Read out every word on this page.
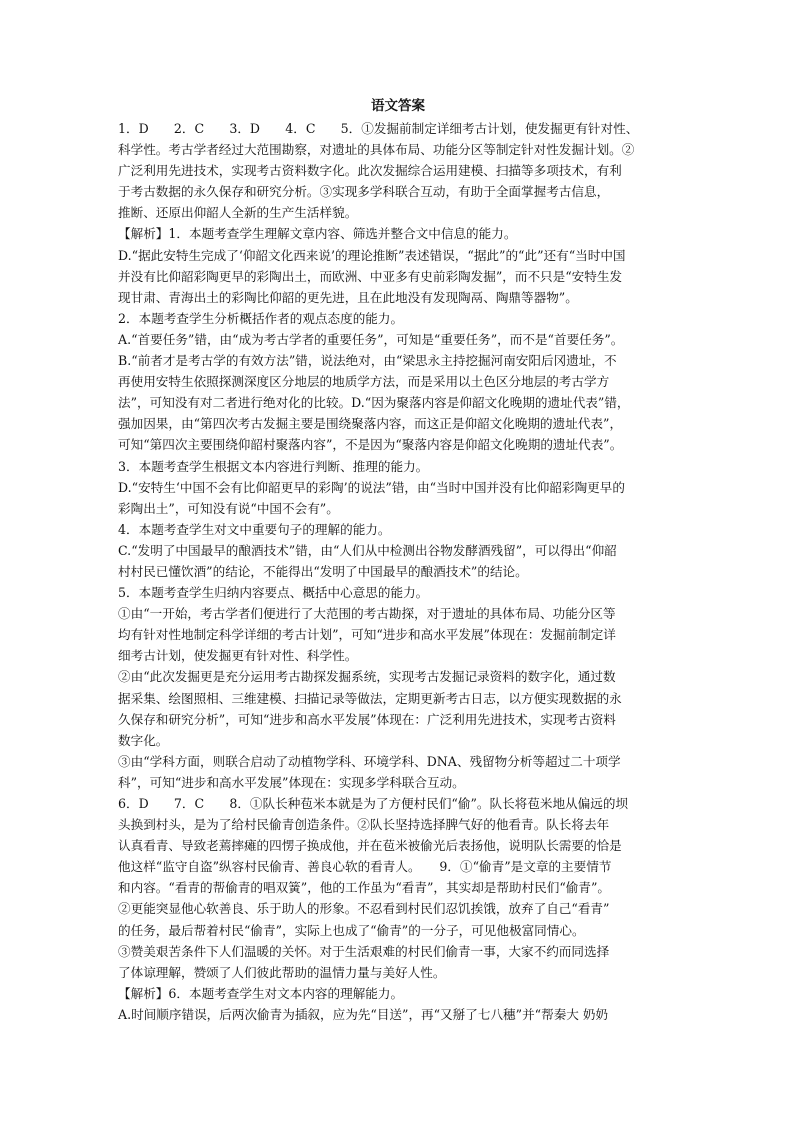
语文答案
1．D　　2．C　　3．D　　4．C　　5．①发掘前制定详细考古计划，使发掘更有针对性、
科学性。考古学者经过大范围勘察，对遗址的具体布局、功能分区等制定针对性发掘计划。②
广泛利用先进技术，实现考古资料数字化。此次发掘综合运用建模、扫描等多项技术，有利
于考古数据的永久保存和研究分析。③实现多学科联合互动，有助于全面掌握考古信息，
推断、还原出仰韶人全新的生产生活样貌。
【解析】1．本题考查学生理解文章内容、筛选并整合文中信息的能力。
D.“据此安特生完成了‘仰韶文化西来说’的理论推断”表述错误，“据此”的“此”还有“当时中国
并没有比仰韶彩陶更早的彩陶出土，而欧洲、中亚多有史前彩陶发掘”，而不只是“安特生发
现甘肃、青海出土的彩陶比仰韶的更先进，且在此地没有发现陶鬲、陶鼎等器物”。
2．本题考查学生分析概括作者的观点态度的能力。
A.“首要任务”错，由“成为考古学者的重要任务”，可知是“重要任务”，而不是“首要任务”。
B.“前者才是考古学的有效方法”错，说法绝对，由“梁思永主持挖掘河南安阳后冈遗址，不
再使用安特生依照探测深度区分地层的地质学方法，而是采用以土色区分地层的考古学方
法”，可知没有对二者进行绝对化的比较。D.“因为聚落内容是仰韶文化晚期的遗址代表”错，
强加因果，由“第四次考古发掘主要是围绕聚落内容，而这正是仰韶文化晚期的遗址代表”，
可知“第四次主要围绕仰韶村聚落内容”，不是因为“聚落内容是仰韶文化晚期的遗址代表”。
3．本题考查学生根据文本内容进行判断、推理的能力。
D.“安特生‘中国不会有比仰韶更早的彩陶’的说法”错，由“当时中国并没有比仰韶彩陶更早的
彩陶出土”，可知没有说“中国不会有”。
4．本题考查学生对文中重要句子的理解的能力。
C.“发明了中国最早的酿酒技术”错，由“人们从中检测出谷物发酵酒残留”，可以得出“仰韶
村村民已懂饮酒”的结论，不能得出“发明了中国最早的酿酒技术”的结论。
5．本题考查学生归纳内容要点、概括中心意思的能力。
①由“一开始，考古学者们便进行了大范围的考古勘探，对于遗址的具体布局、功能分区等
均有针对性地制定科学详细的考古计划”，可知“进步和高水平发展”体现在：发掘前制定详
细考古计划，使发掘更有针对性、科学性。
②由“此次发掘更是充分运用考古勘探发掘系统，实现考古发掘记录资料的数字化，通过数
据采集、绘图照相、三维建模、扫描记录等做法，定期更新考古日志，以方便实现数据的永
久保存和研究分析”，可知“进步和高水平发展”体现在：广泛利用先进技术，实现考古资料
数字化。
③由“学科方面，则联合启动了动植物学科、环境学科、DNA、残留物分析等超过二十项学
科”，可知“进步和高水平发展”体现在：实现多学科联合互动。
6．D　　7．C　　8．①队长种苞米本就是为了方便村民们“偷”。队长将苞米地从偏远的坝
头换到村头，是为了给村民偷青创造条件。②队长坚持选择脾气好的他看青。队长将去年
认真看青、导致老蔫摔瘫的四愣子换成他，并在苞米被偷光后表扬他，说明队长需要的恰是
他这样“监守自盗”纵容村民偷青、善良心软的看青人。　　9．①“偷青”是文章的主要情节
和内容。“看青的帮偷青的唱双簧”，他的工作虽为“看青”，其实却是帮助村民们“偷青”。
②更能突显他心软善良、乐于助人的形象。不忍看到村民们忍饥挨饿，放弃了自己“看青”
的任务，最后帮着村民“偷青”，实际上也成了“偷青”的一分子，可见他极富同情心。
③赞美艰苦条件下人们温暖的关怀。对于生活艰难的村民们偷青一事，大家不约而同选择
了体谅理解，赞颂了人们彼此帮助的温情力量与美好人性。
【解析】6．本题考查学生对文本内容的理解能力。
A.时间顺序错误，后两次偷青为插叙，应为先“目送”，再“又掰了七八穗”并“帮秦大 奶奶
